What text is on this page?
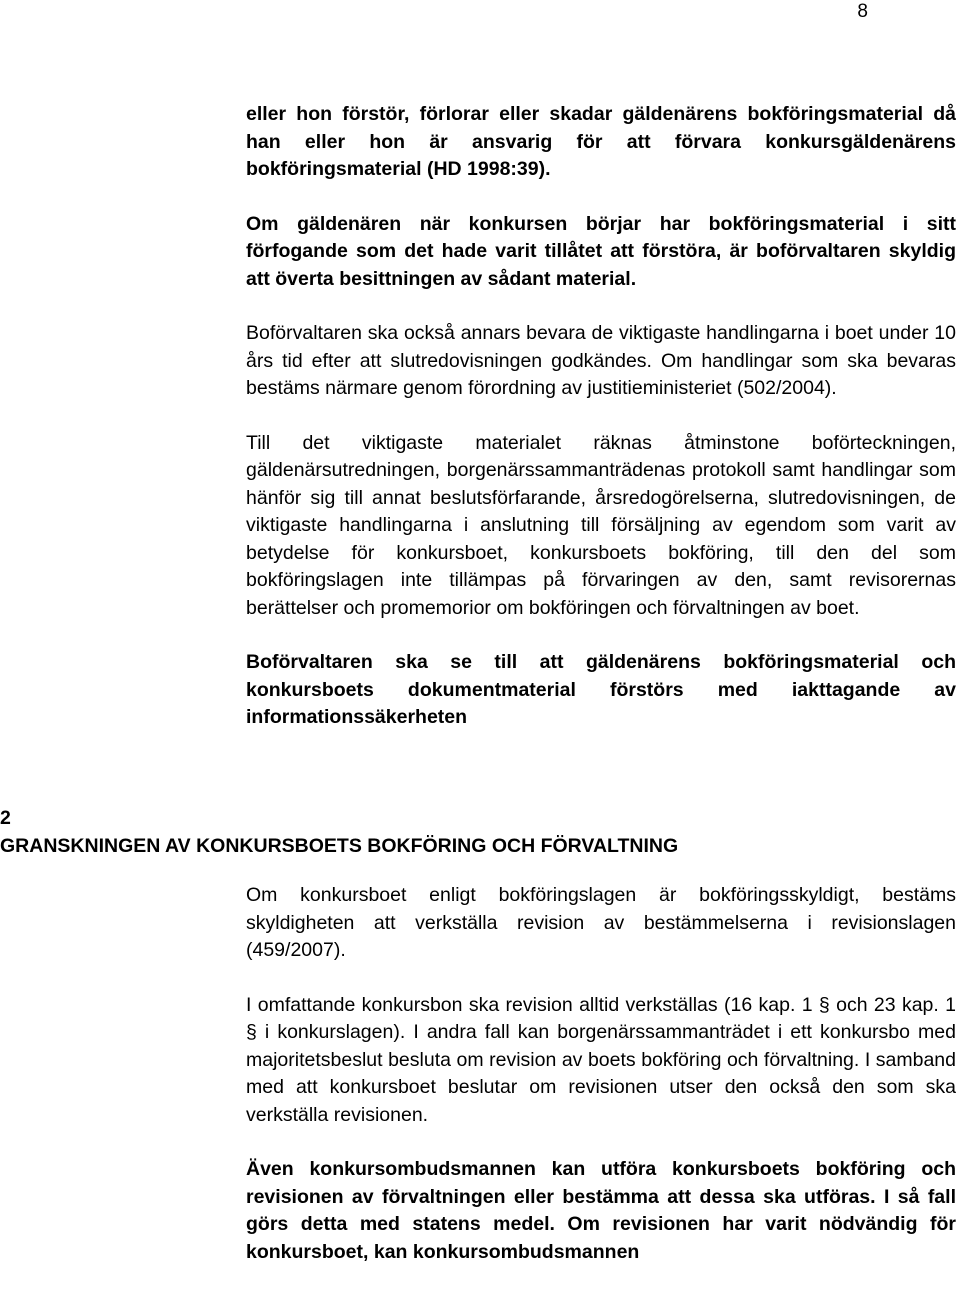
8

eller hon förstör, förlorar eller skadar gäldenärens bokföringsmaterial då han eller hon är ansvarig för att förvara konkursgäldenärens bokföringsmaterial (HD 1998:39).

Om gäldenären när konkursen börjar har bokföringsmaterial i sitt förfogande som det hade varit tillåtet att förstöra, är boförvaltaren skyldig att överta besittningen av sådant material.

Boförvaltaren ska också annars bevara de viktigaste handlingarna i boet under 10 års tid efter att slutredovisningen godkändes. Om handlingar som ska bevaras bestäms närmare genom förordning av justitieministeriet (502/2004).

Till det viktigaste materialet räknas åtminstone boförteckningen, gäldenärsutredningen, borgenärssammanträdenas protokoll samt handlingar som hänför sig till annat beslutsförfarande, årsredogörelserna, slutredovisningen, de viktigaste handlingarna i anslutning till försäljning av egendom som varit av betydelse för konkursboet, konkursboets bokföring, till den del som bokföringslagen inte tillämpas på förvaringen av den, samt revisorernas berättelser och promemorior om bokföringen och förvaltningen av boet.

Boförvaltaren ska se till att gäldenärens bokföringsmaterial och konkursboets dokumentmaterial förstörs med iakttagande av informationssäkerheten

2
GRANSKNINGEN AV KONKURSBOETS BOKFÖRING OCH FÖRVALTNING

Om konkursboet enligt bokföringslagen är bokföringsskyldigt, bestäms skyldigheten att verkställa revision av bestämmelserna i revisionslagen (459/2007).

I omfattande konkursbon ska revision alltid verkställas (16 kap. 1 § och 23 kap. 1 § i konkurslagen). I andra fall kan borgenärssammanträdet i ett konkursbo med majoritetsbeslut besluta om revision av boets bokföring och förvaltning. I samband med att konkursboet beslutar om revisionen utser den också den som ska verkställa revisionen.

Även konkursombudsmannen kan utföra konkursboets bokföring och revisionen av förvaltningen eller bestämma att dessa ska utföras. I så fall görs detta med statens medel. Om revisionen har varit nödvändig för konkursboet, kan konkursombudsmannen
